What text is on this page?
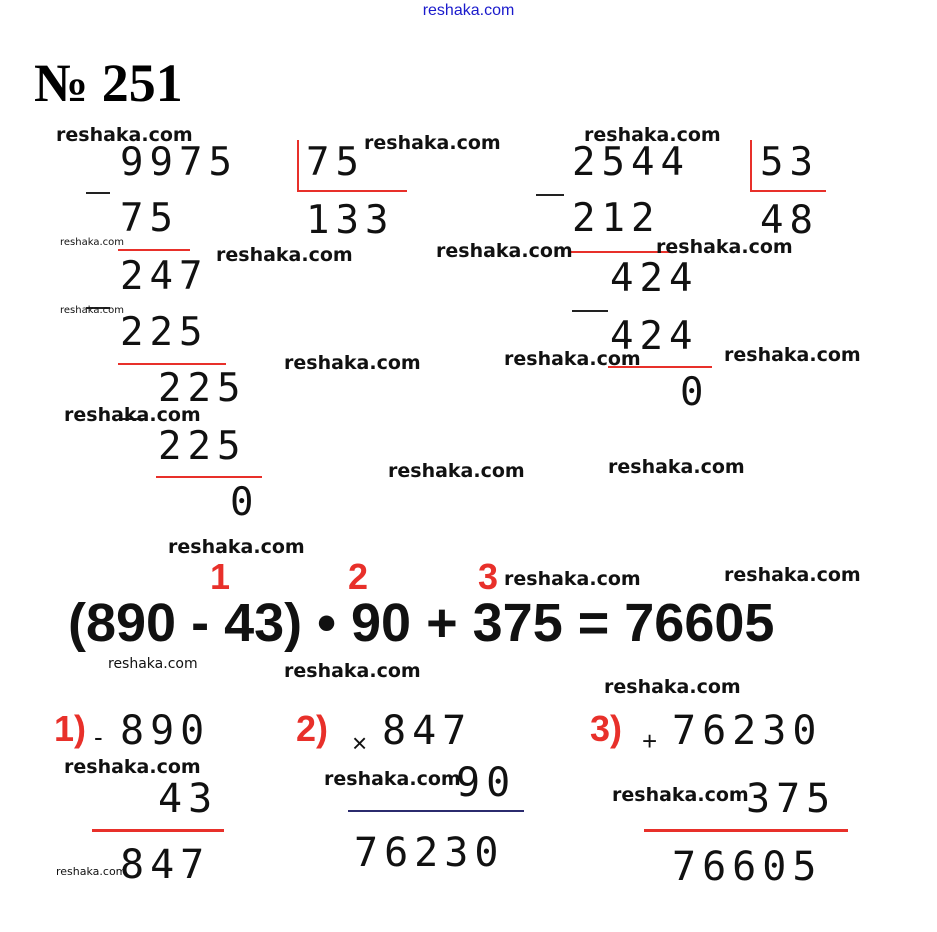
reshaka.com
№ 251
9975 75
133
75
247
225
225
225
0
2544 53
48
212
424
424
0
1	2	3
(890 - 43) • 90 + 375 = 76605
1) - 890
43
847
2) × 847
90
76230
3) + 76230
375
76605
reshaka.com	reshaka.com	reshaka.com
reshaka.com
reshaka.com	reshaka.com	reshaka.com
reshaka.com
reshaka.com	reshaka.com	reshaka.com
reshaka.com
reshaka.com	reshaka.com
reshaka.com
reshaka.com	reshaka.com
reshaka.com	reshaka.com
reshaka.com
reshaka.com
reshaka.com
reshaka.com
reshaka.com
